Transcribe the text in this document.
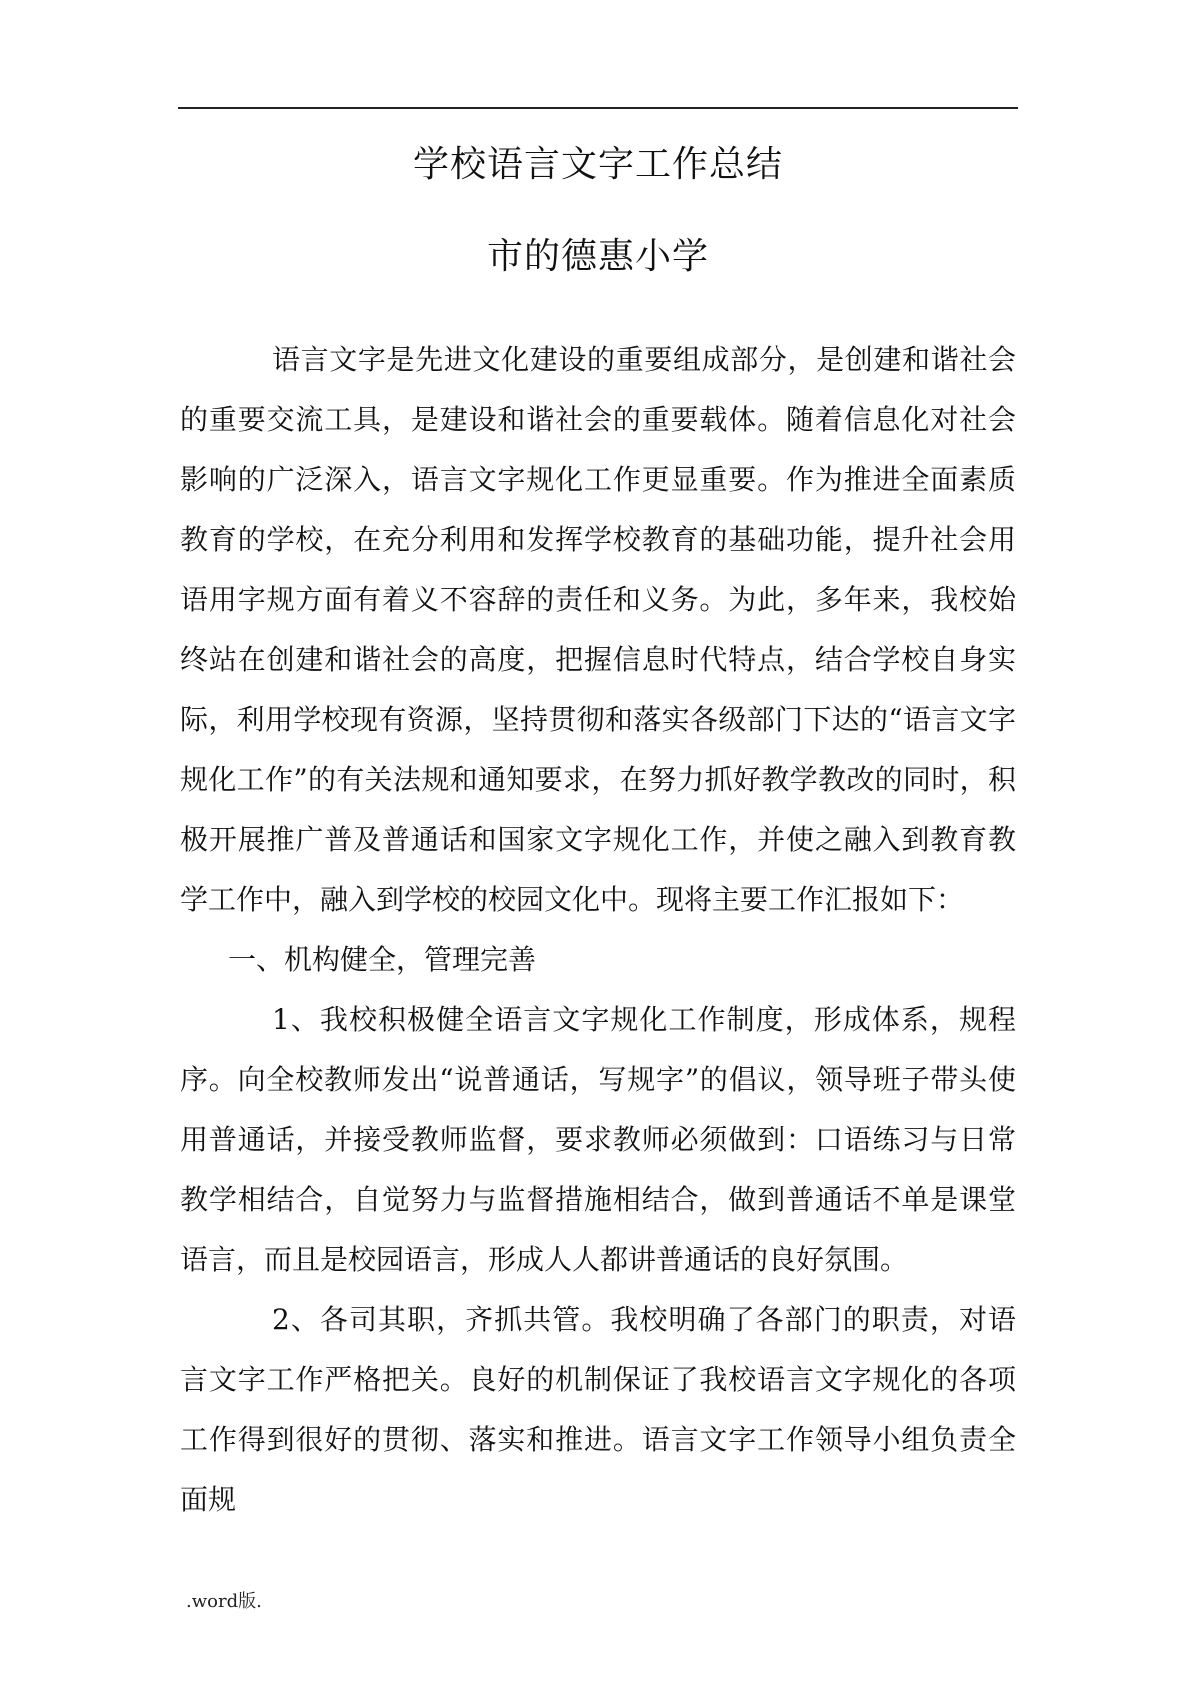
学校语言文字工作总结
市的德惠小学

语言文字是先进文化建设的重要组成部分，是创建和谐社会的重要交流工具，是建设和谐社会的重要载体。随着信息化对社会影响的广泛深入，语言文字规化工作更显重要。作为推进全面素质教育的学校，在充分利用和发挥学校教育的基础功能，提升社会用语用字规方面有着义不容辞的责任和义务。为此，多年来，我校始终站在创建和谐社会的高度，把握信息时代特点，结合学校自身实际，利用学校现有资源，坚持贯彻和落实各级部门下达的“语言文字规化工作”的有关法规和通知要求，在努力抓好教学教改的同时，积极开展推广普及普通话和国家文字规化工作，并使之融入到教育教学工作中，融入到学校的校园文化中。现将主要工作汇报如下：

一、机构健全，管理完善

1、我校积极健全语言文字规化工作制度，形成体系，规程序。向全校教师发出“说普通话，写规字”的倡议，领导班子带头使用普通话，并接受教师监督，要求教师必须做到：口语练习与日常教学相结合，自觉努力与监督措施相结合，做到普通话不单是课堂语言，而且是校园语言，形成人人都讲普通话的良好氛围。

2、各司其职，齐抓共管。我校明确了各部门的职责，对语言文字工作严格把关。良好的机制保证了我校语言文字规化的各项工作得到很好的贯彻、落实和推进。语言文字工作领导小组负责全面规

.word版.
